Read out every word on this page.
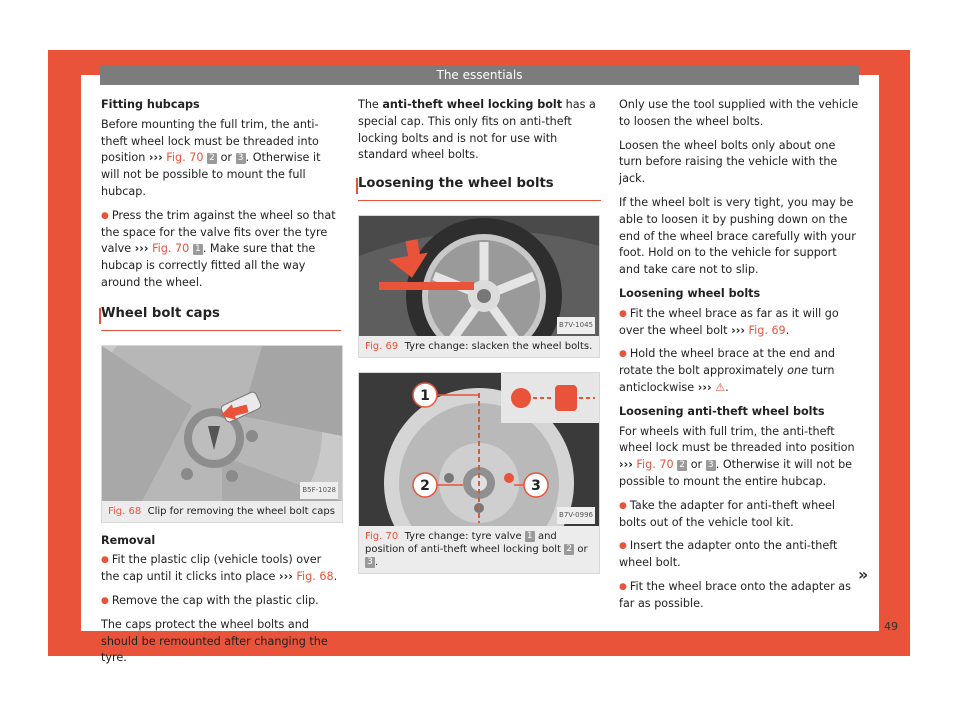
The essentials

Fitting hubcaps

Before mounting the full trim, the anti-theft wheel lock must be threaded into position ››› Fig. 70 2 or 3 . Otherwise it will not be possible to mount the full hubcap.

● Press the trim against the wheel so that the space for the valve fits over the tyre valve ››› Fig. 70 1 . Make sure that the hubcap is correctly fitted all the way around the wheel.

Wheel bolt caps
B5F-1028
Fig. 68 Clip for removing the wheel bolt caps

Removal

● Fit the plastic clip (vehicle tools) over the cap until it clicks into place ››› Fig. 68.

● Remove the cap with the plastic clip.

The caps protect the wheel bolts and should be remounted after changing the tyre.

The anti-theft wheel locking bolt has a special cap. This only fits on anti-theft locking bolts and is not for use with standard wheel bolts.

Loosening the wheel bolts
B7V-1045
Fig. 69 Tyre change: slacken the wheel bolts.
1
2	3
B7V-0996
Fig. 70 Tyre change: tyre valve 1 and position of anti-theft wheel locking bolt 2 or 3 .

Only use the tool supplied with the vehicle to loosen the wheel bolts.

Loosen the wheel bolts only about one turn before raising the vehicle with the jack.

If the wheel bolt is very tight, you may be able to loosen it by pushing down on the end of the wheel brace carefully with your foot. Hold on to the vehicle for support and take care not to slip.

Loosening wheel bolts

● Fit the wheel brace as far as it will go over the wheel bolt ››› Fig. 69.

● Hold the wheel brace at the end and rotate the bolt approximately one turn anticlockwise ››› ⚠.

Loosening anti-theft wheel bolts

For wheels with full trim, the anti-theft wheel lock must be threaded into position ››› Fig. 70 2 or 3 . Otherwise it will not be possible to mount the entire hubcap.

● Take the adapter for anti-theft wheel bolts out of the vehicle tool kit.

● Insert the adapter onto the anti-theft wheel bolt.

● Fit the wheel brace onto the adapter as far as possible.

»
49
